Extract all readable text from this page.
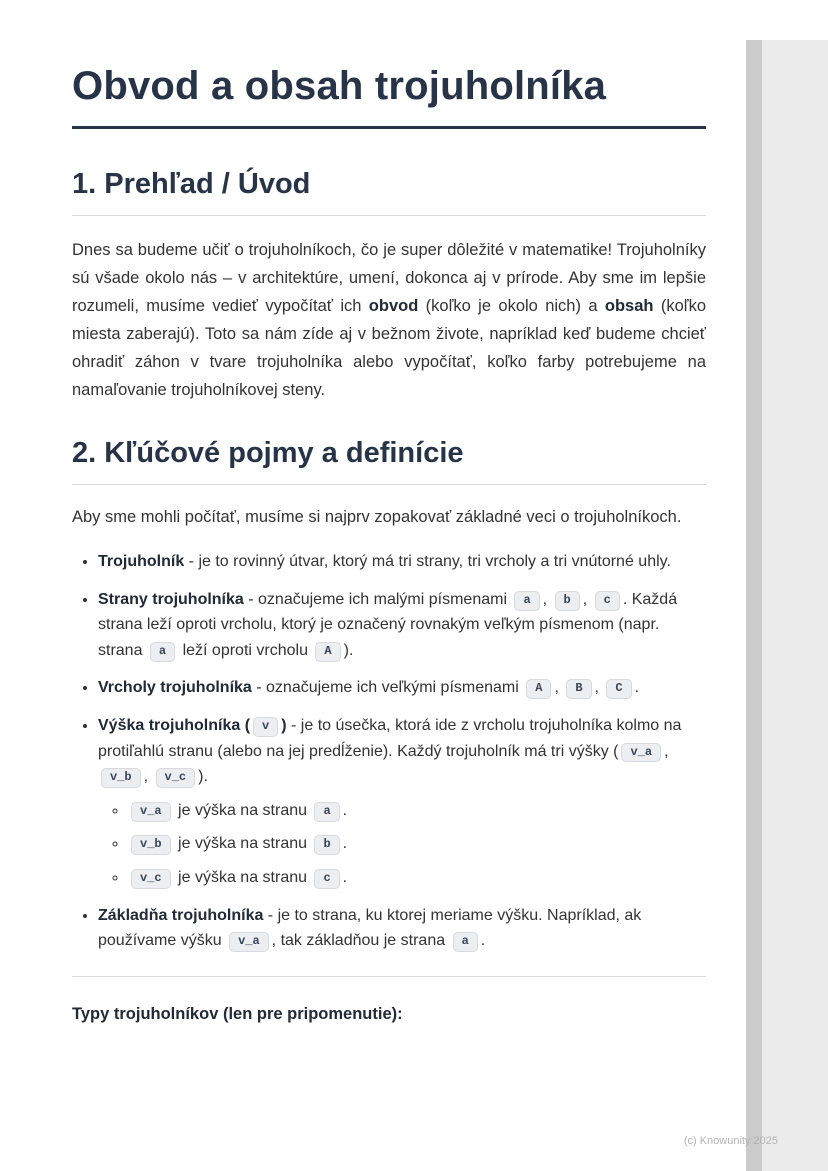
Obvod a obsah trojuholníka
1. Prehľad / Úvod

Dnes sa budeme učiť o trojuholníkoch, čo je super dôležité v matematike! Trojuholníky sú všade okolo nás – v architektúre, umení, dokonca aj v prírode. Aby sme im lepšie rozumeli, musíme vedieť vypočítať ich obvod (koľko je okolo nich) a obsah (koľko miesta zaberajú). Toto sa nám zíde aj v bežnom živote, napríklad keď budeme chcieť ohradiť záhon v tvare trojuholníka alebo vypočítať, koľko farby potrebujeme na namaľovanie trojuholníkovej steny.

2. Kľúčové pojmy a definície

Aby sme mohli počítať, musíme si najprv zopakovať základné veci o trojuholníkoch.

• Trojuholník - je to rovinný útvar, ktorý má tri strany, tri vrcholy a tri vnútorné uhly.
• Strany trojuholníka - označujeme ich malými písmenami a , b , c . Každá strana leží oproti vrcholu, ktorý je označený rovnakým veľkým písmenom (napr. strana a leží oproti vrcholu A ).
• Vrcholy trojuholníka - označujeme ich veľkými písmenami A , B , C .
• Výška trojuholníka ( v ) - je to úsečka, ktorá ide z vrcholu trojuholníka kolmo na protiľahlú stranu (alebo na jej predĺženie). Každý trojuholník má tri výšky ( v_a , v_b , v_c ).
◦ v_a je výška na stranu a .
◦ v_b je výška na stranu b .
◦ v_c je výška na stranu c .
• Základňa trojuholníka - je to strana, ku ktorej meriame výšku. Napríklad, ak používame výšku v_a , tak základňou je strana a .

Typy trojuholníkov (len pre pripomenutie):

(c) Knowunity 2025
